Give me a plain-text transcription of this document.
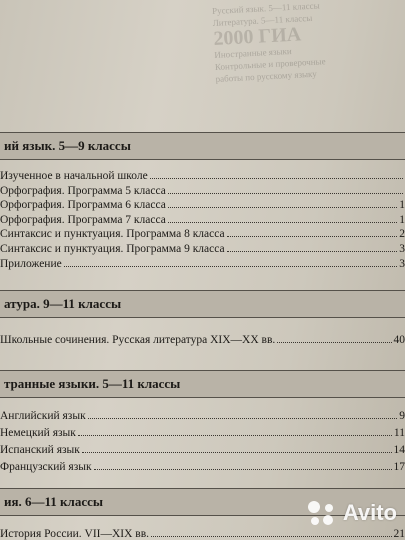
Русский язык. 5—11 классы
Литература. 5—11 классы
2000 ГИА
Иностранные языки
Контрольные и проверочные
работы по русскому языку
ий язык. 5—9 классы
Изученное в начальной школе
Орфография. Программа 5 класса
Орфография. Программа 6 класса	1
Орфография. Программа 7 класса	1
Синтаксис и пунктуация. Программа 8 класса	2
Синтаксис и пунктуация. Программа 9 класса	3
Приложение	3
атура. 9—11 классы
Школьные сочинения. Русская литература XIX—XX вв.	40
транные языки. 5—11 классы
Английский язык	9
Немецкий язык	11
Испанский язык	14
Французский язык	17
ия. 6—11 классы
История России. VII—XIX вв.	21
Avito
